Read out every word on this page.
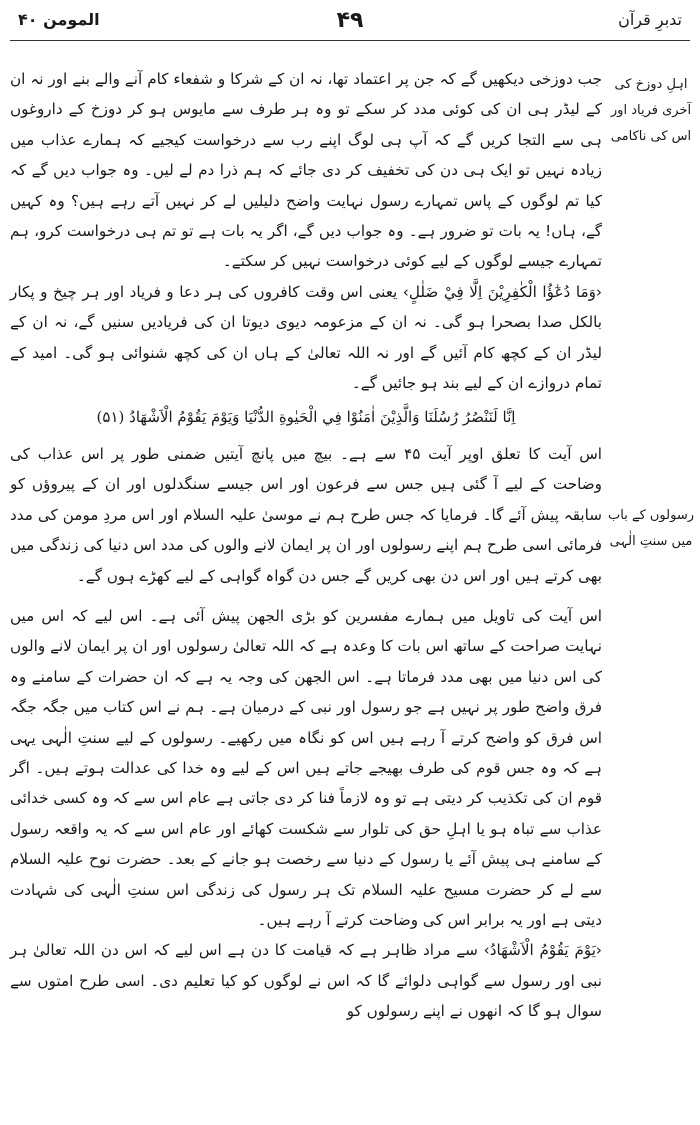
تدبرِ قرآن
۴۹
المومن ۴۰
اہلِ دوزخ کی آخری فریاد اور اس کی ناکامی
رسولوں کے باب میں سنتِ الٰہی

جب دوزخی دیکھیں گے کہ جن پر اعتماد تھا، نہ ان کے شرکا و شفعاء کام آنے والے بنے اور نہ ان کے لیڈر ہی ان کی کوئی مدد کر سکے تو وہ ہر طرف سے مایوس ہو کر دوزخ کے داروغوں ہی سے التجا کریں گے کہ آپ ہی لوگ اپنے رب سے درخواست کیجیے کہ ہمارے عذاب میں زیادہ نہیں تو ایک ہی دن کی تخفیف کر دی جائے کہ ہم ذرا دم لے لیں۔ وہ جواب دیں گے کہ کیا تم لوگوں کے پاس تمہارے رسول نہایت واضح دلیلیں لے کر نہیں آتے رہے ہیں؟ وہ کہیں گے، ہاں! یہ بات تو ضرور ہے۔ وہ جواب دیں گے، اگر یہ بات ہے تو تم ہی درخواست کرو، ہم تمہارے جیسے لوگوں کے لیے کوئی درخواست نہیں کر سکتے۔

‹وَمَا دُعٰٓؤُا الْكٰفِرِيْنَ اِلَّا فِيْ ضَلٰلٍ› یعنی اس وقت کافروں کی ہر دعا و فریاد اور ہر چیخ و پکار بالکل صدا بصحرا ہو گی۔ نہ ان کے مزعومہ دیوی دیوتا ان کی فریادیں سنیں گے، نہ ان کے لیڈر ان کے کچھ کام آئیں گے اور نہ اللہ تعالیٰ کے ہاں ان کی کچھ شنوائی ہو گی۔ امید کے تمام دروازے ان کے لیے بند ہو جائیں گے۔

اِنَّا لَنَنْصُرُ رُسُلَنَا وَالَّذِيْنَ اٰمَنُوْا فِي الْحَيٰوةِ الدُّنْيَا وَيَوْمَ يَقُوْمُ الْاَشْهَادُ (۵۱)

اس آیت کا تعلق اوپر آیت ۴۵ سے ہے۔ بیچ میں پانچ آیتیں ضمنی طور پر اس عذاب کی وضاحت کے لیے آ گئی ہیں جس سے فرعون اور اس جیسے سنگدلوں اور ان کے پیروؤں کو سابقہ پیش آئے گا۔ فرمایا کہ جس طرح ہم نے موسیٰ علیہ السلام اور اس مردِ مومن کی مدد فرمائی اسی طرح ہم اپنے رسولوں اور ان پر ایمان لانے والوں کی مدد اس دنیا کی زندگی میں بھی کرتے ہیں اور اس دن بھی کریں گے جس دن گواہ گواہی کے لیے کھڑے ہوں گے۔

اس آیت کی تاویل میں ہمارے مفسرین کو بڑی الجھن پیش آئی ہے۔ اس لیے کہ اس میں نہایت صراحت کے ساتھ اس بات کا وعدہ ہے کہ اللہ تعالیٰ رسولوں اور ان پر ایمان لانے والوں کی اس دنیا میں بھی مدد فرماتا ہے۔ اس الجھن کی وجہ یہ ہے کہ ان حضرات کے سامنے وہ فرق واضح طور پر نہیں ہے جو رسول اور نبی کے درمیان ہے۔ ہم نے اس کتاب میں جگہ جگہ اس فرق کو واضح کرتے آ رہے ہیں اس کو نگاہ میں رکھیے۔ رسولوں کے لیے سنتِ الٰہی یہی ہے کہ وہ جس قوم کی طرف بھیجے جاتے ہیں اس کے لیے وہ خدا کی عدالت ہوتے ہیں۔ اگر قوم ان کی تکذیب کر دیتی ہے تو وہ لازماً فنا کر دی جاتی ہے عام اس سے کہ وہ کسی خدائی عذاب سے تباہ ہو یا اہلِ حق کی تلوار سے شکست کھائے اور عام اس سے کہ یہ واقعہ رسول کے سامنے ہی پیش آئے یا رسول کے دنیا سے رخصت ہو جانے کے بعد۔ حضرت نوح علیہ السلام سے لے کر حضرت مسیح علیہ السلام تک ہر رسول کی زندگی اس سنتِ الٰہی کی شہادت دیتی ہے اور یہ برابر اس کی وضاحت کرتے آ رہے ہیں۔

‹يَوْمَ يَقُوْمُ الْاَشْهَادُ› سے مراد ظاہر ہے کہ قیامت کا دن ہے اس لیے کہ اس دن اللہ تعالیٰ ہر نبی اور رسول سے گواہی دلوائے گا کہ اس نے لوگوں کو کیا تعلیم دی۔ اسی طرح امتوں سے سوال ہو گا کہ انھوں نے اپنے رسولوں کو
